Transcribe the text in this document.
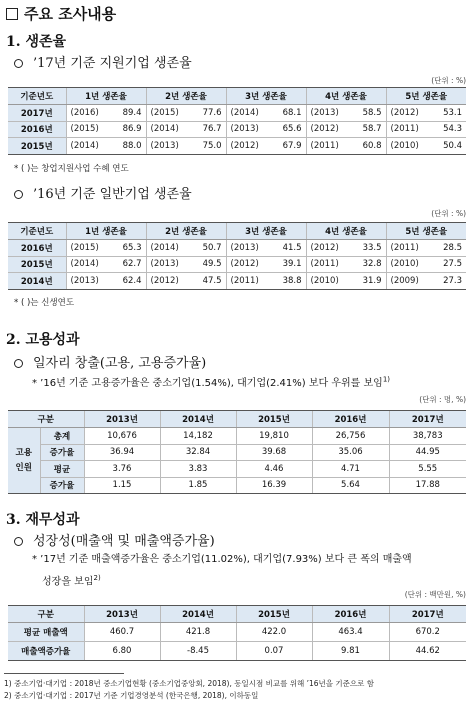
주요 조사내용
1. 생존율
’17년 기준 지원기업 생존율
(단위 : %)
기준년도	1년 생존율		2년 생존율		3년 생존율		4년 생존율		5년 생존율	
2017년	(2016)	89.4	(2015)	77.6	(2014)	68.1	(2013)	58.5	(2012)	53.1
2016년	(2015)	86.9	(2014)	76.7	(2013)	65.6	(2012)	58.7	(2011)	54.3
2015년	(2014)	88.0	(2013)	75.0	(2012)	67.9	(2011)	60.8	(2010)	50.4
* ( )는 창업지원사업 수혜 연도
’16년 기준 일반기업 생존율
(단위 : %)
기준년도	1년 생존율		2년 생존율		3년 생존율		4년 생존율		5년 생존율	
2016년	(2015)	65.3	(2014)	50.7	(2013)	41.5	(2012)	33.5	(2011)	28.5
2015년	(2014)	62.7	(2013)	49.5	(2012)	39.1	(2011)	32.8	(2010)	27.5
2014년	(2013)	62.4	(2012)	47.5	(2011)	38.8	(2010)	31.9	(2009)	27.3
* ( )는 신생연도
2. 고용성과
일자리 창출(고용, 고용증가율)
* ’16년 기준 고용증가율은 중소기업(1.54%), 대기업(2.41%) 보다 우위를 보임$^{1)}$
(단위 : 명, %)
구분		2013년	2014년	2015년	2016년	2017년

고용
인원	총계	10,676	14,182	19,810	26,756	38,783
	증가율	36.94	32.84	39.68	35.06	44.95
	평균	3.76	3.83	4.46	4.71	5.55
	증가율	1.15	1.85	16.39	5.64	17.88
3. 재무성과
성장성(매출액 및 매출액증가율)
* ’17년 기준 매출액증가율은 중소기업(11.02%), 대기업(7.93%) 보다 큰 폭의 매출액
성장을 보임$^{2)}$
(단위 : 백만원, %)
구분	2013년	2014년	2015년	2016년	2017년
평균 매출액	460.7	421.8	422.0	463.4	670.2
매출액증가율	6.80	-8.45	0.07	9.81	44.62
1) 중소기업·대기업 : 2018년 중소기업현황 (중소기업중앙회, 2018), 동일시점 비교를 위해 ’16년을 기준으로 함
2) 중소기업·대기업 : 2017년 기준 기업경영분석 (한국은행, 2018), 이하동일
